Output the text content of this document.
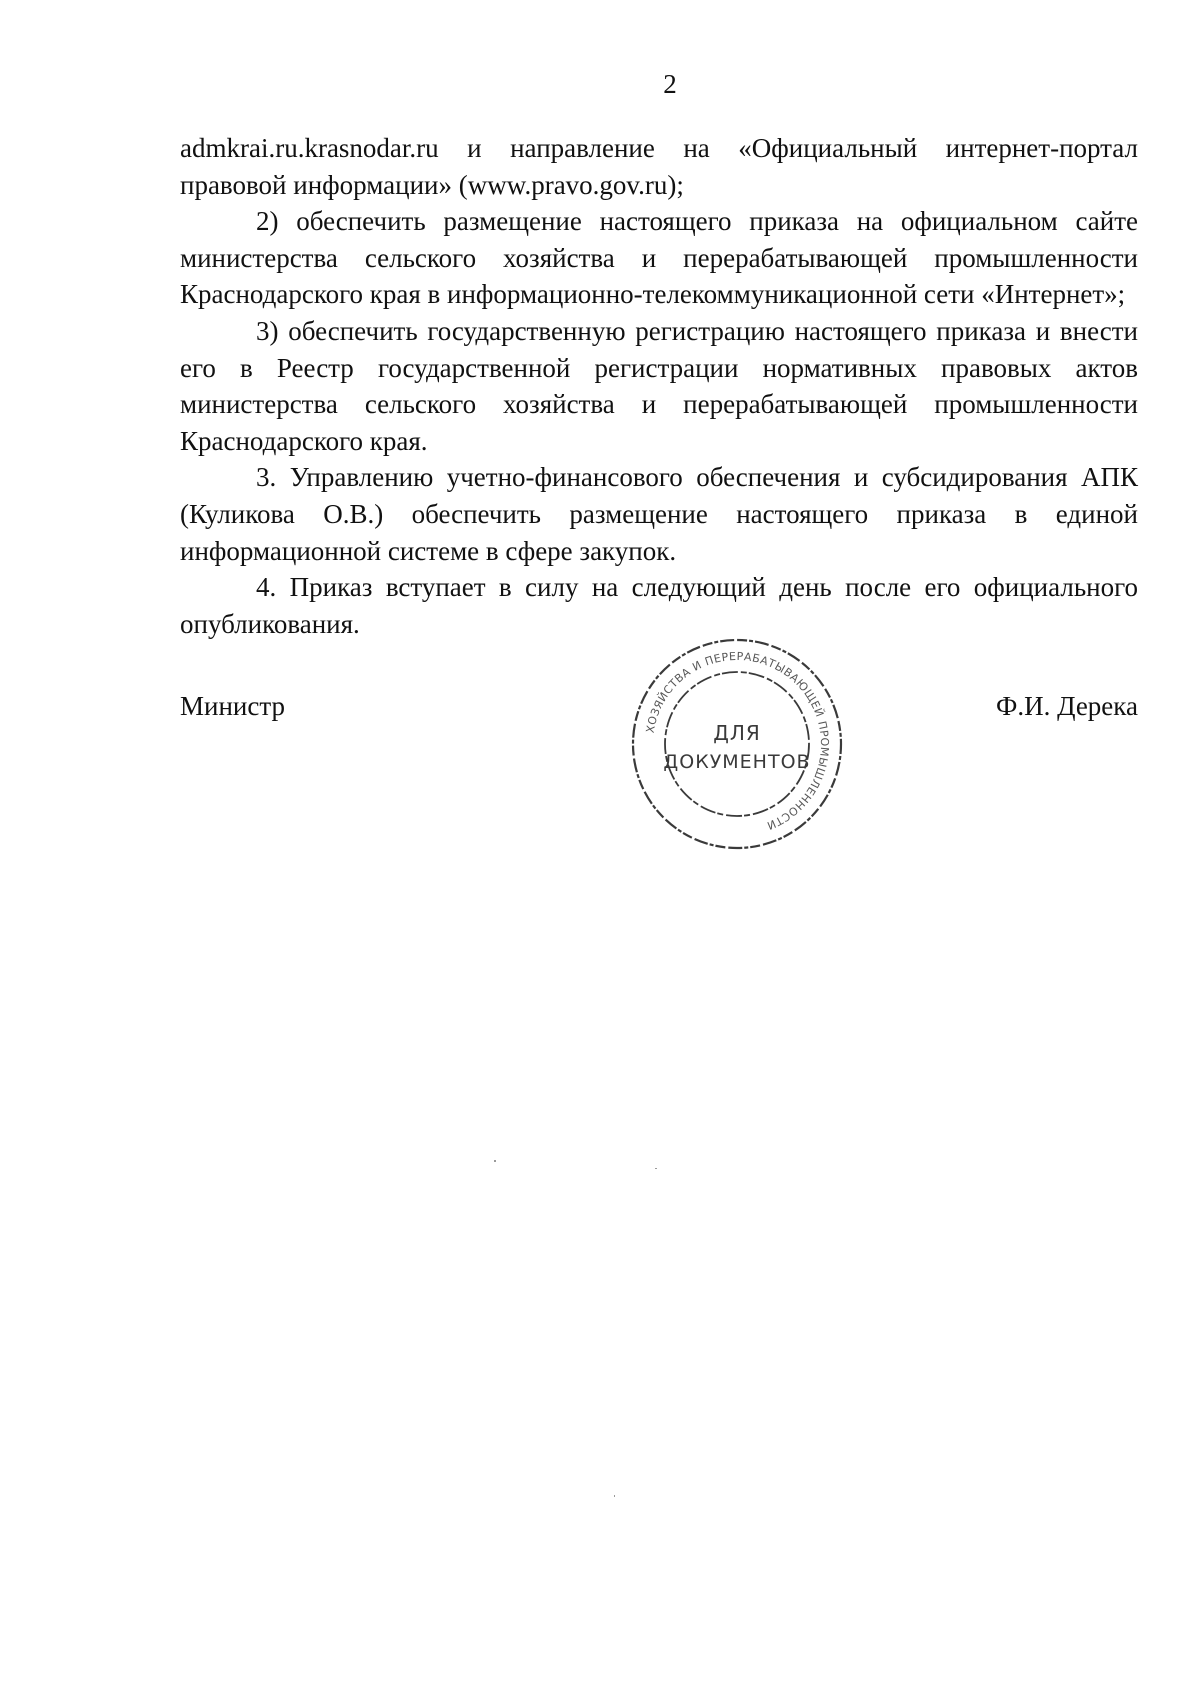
2

admkrai.ru.krasnodar.ru и направление на «Официальный интернет-портал правовой информации» (www.pravo.gov.ru);

2) обеспечить размещение настоящего приказа на официальном сайте министерства сельского хозяйства и перерабатывающей промышленности Краснодарского края в информационно-телекоммуникационной сети «Интернет»;

3) обеспечить государственную регистрацию настоящего приказа и внести его в Реестр государственной регистрации нормативных правовых актов министерства сельского хозяйства и перерабатывающей промышленности Краснодарского края.

3. Управлению учетно-финансового обеспечения и субсидирования АПК (Куликова О.В.) обеспечить размещение настоящего приказа в единой информационной системе в сфере закупок.

4. Приказ вступает в силу на следующий день после его официального опубликования.

Министр	Ф.И. Дерека
ХОЗЯЙСТВА И ПЕРЕРАБАТЫВАЮЩЕЙ ПРОМЫШЛЕННОСТИ
ДЛЯ
ДОКУМЕНТОВ
